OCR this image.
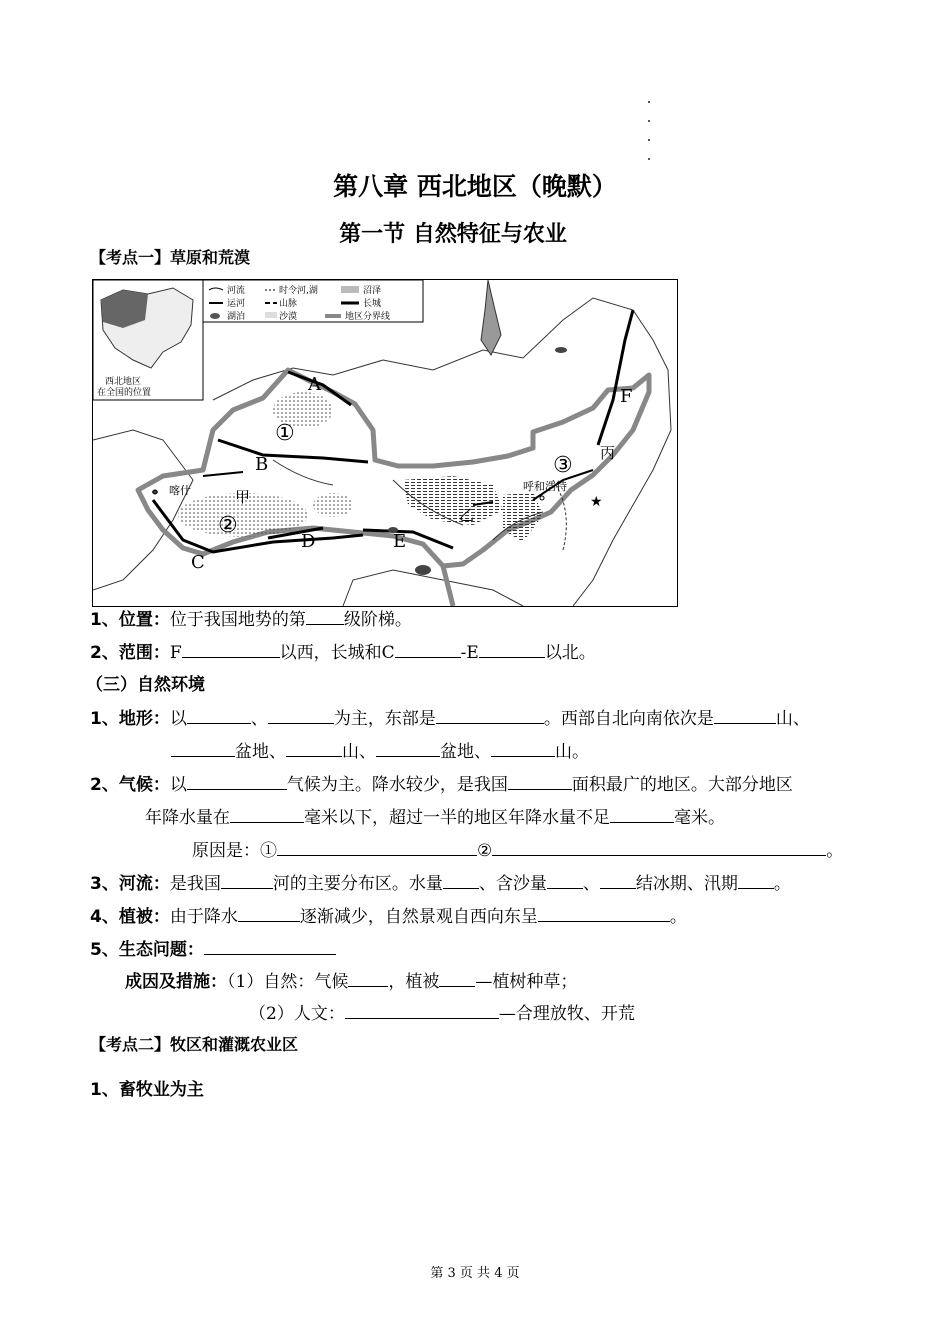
第八章 西北地区（晚默）
第一节 自然特征与农业
【考点一】草原和荒漠
西北地区
在全国的位置
河流	时令河,湖	沼泽
运河	山脉	长城
湖泊	沙漠	地区分界线
A
B
C
D	E
F
①
②
③
喀什	呼和浩特
甲
乙
丙
★
1、位置：位于我国地势的第 级阶梯。
2、范围：F	以西，长城和C	-E	以北。
（三）自然环境
1、地形：以	、	为主，东部是	。西部自北向南依次是	山、
盆地、	山、	盆地、	山。
2、气候：以	气候为主。降水较少，是我国	面积最广的地区。大部分地区
年降水量在	毫米以下，超过一半的地区年降水量不足	毫米。
原因是：①	②	。
3、河流：是我国	河的主要分布区。水量 、含沙量 、 结冰期、汛期 。
4、植被：由于降水	逐渐减少，自然景观自西向东呈	。
5、生态问题：
成因及措施：（1）自然：气候 ，植被 —植树种草；
（2）人文：	—合理放牧、开荒
【考点二】牧区和灌溉农业区
1、畜牧业为主
第 3 页 共 4 页
